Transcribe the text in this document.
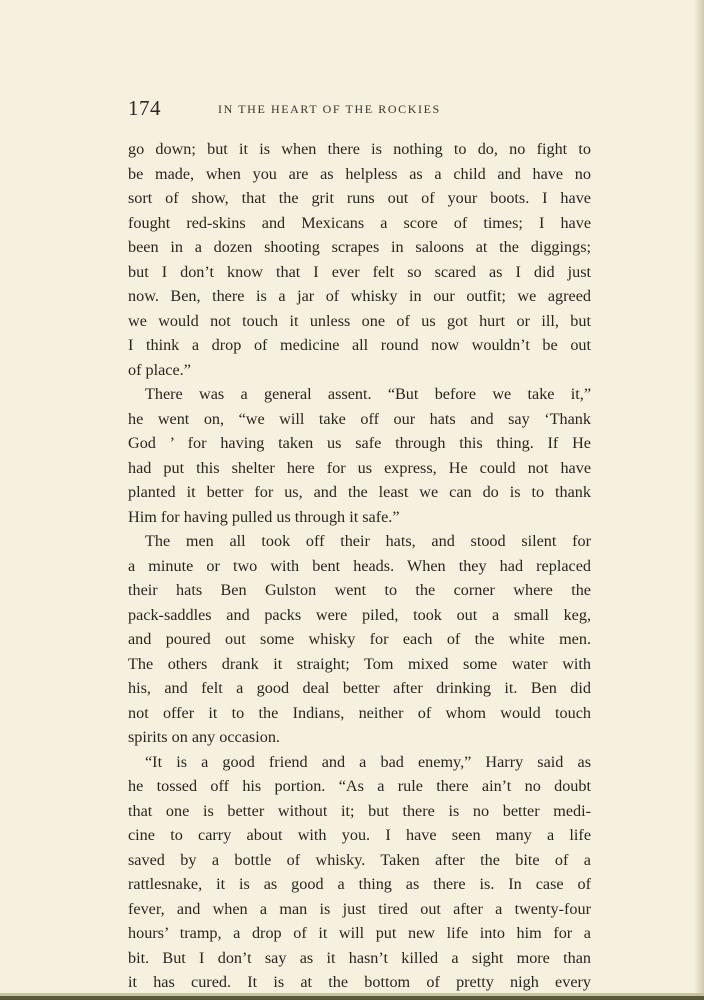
174	IN THE HEART OF THE ROCKIES
go down; but it is when there is nothing to do, no fight to
be made, when you are as helpless as a child and have no
sort of show, that the grit runs out of your boots. I have
fought red-skins and Mexicans a score of times; I have
been in a dozen shooting scrapes in saloons at the diggings;
but I don’t know that I ever felt so scared as I did just
now. Ben, there is a jar of whisky in our outfit; we agreed
we would not touch it unless one of us got hurt or ill, but
I think a drop of medicine all round now wouldn’t be out
of place.”
There was a general assent. “But before we take it,”
he went on, “we will take off our hats and say ‘Thank
God ’ for having taken us safe through this thing. If He
had put this shelter here for us express, He could not have
planted it better for us, and the least we can do is to thank
Him for having pulled us through it safe.”
The men all took off their hats, and stood silent for
a minute or two with bent heads. When they had replaced
their hats Ben Gulston went to the corner where the
pack-saddles and packs were piled, took out a small keg,
and poured out some whisky for each of the white men.
The others drank it straight; Tom mixed some water with
his, and felt a good deal better after drinking it. Ben did
not offer it to the Indians, neither of whom would touch
spirits on any occasion.
“It is a good friend and a bad enemy,” Harry said as
he tossed off his portion. “As a rule there ain’t no doubt
that one is better without it; but there is no better medi-
cine to carry about with you. I have seen many a life
saved by a bottle of whisky. Taken after the bite of a
rattlesnake, it is as good a thing as there is. In case of
fever, and when a man is just tired out after a twenty-four
hours’ tramp, a drop of it will put new life into him for a
bit. But I don’t say as it hasn’t killed a sight more than
it has cured. It is at the bottom of pretty nigh every
